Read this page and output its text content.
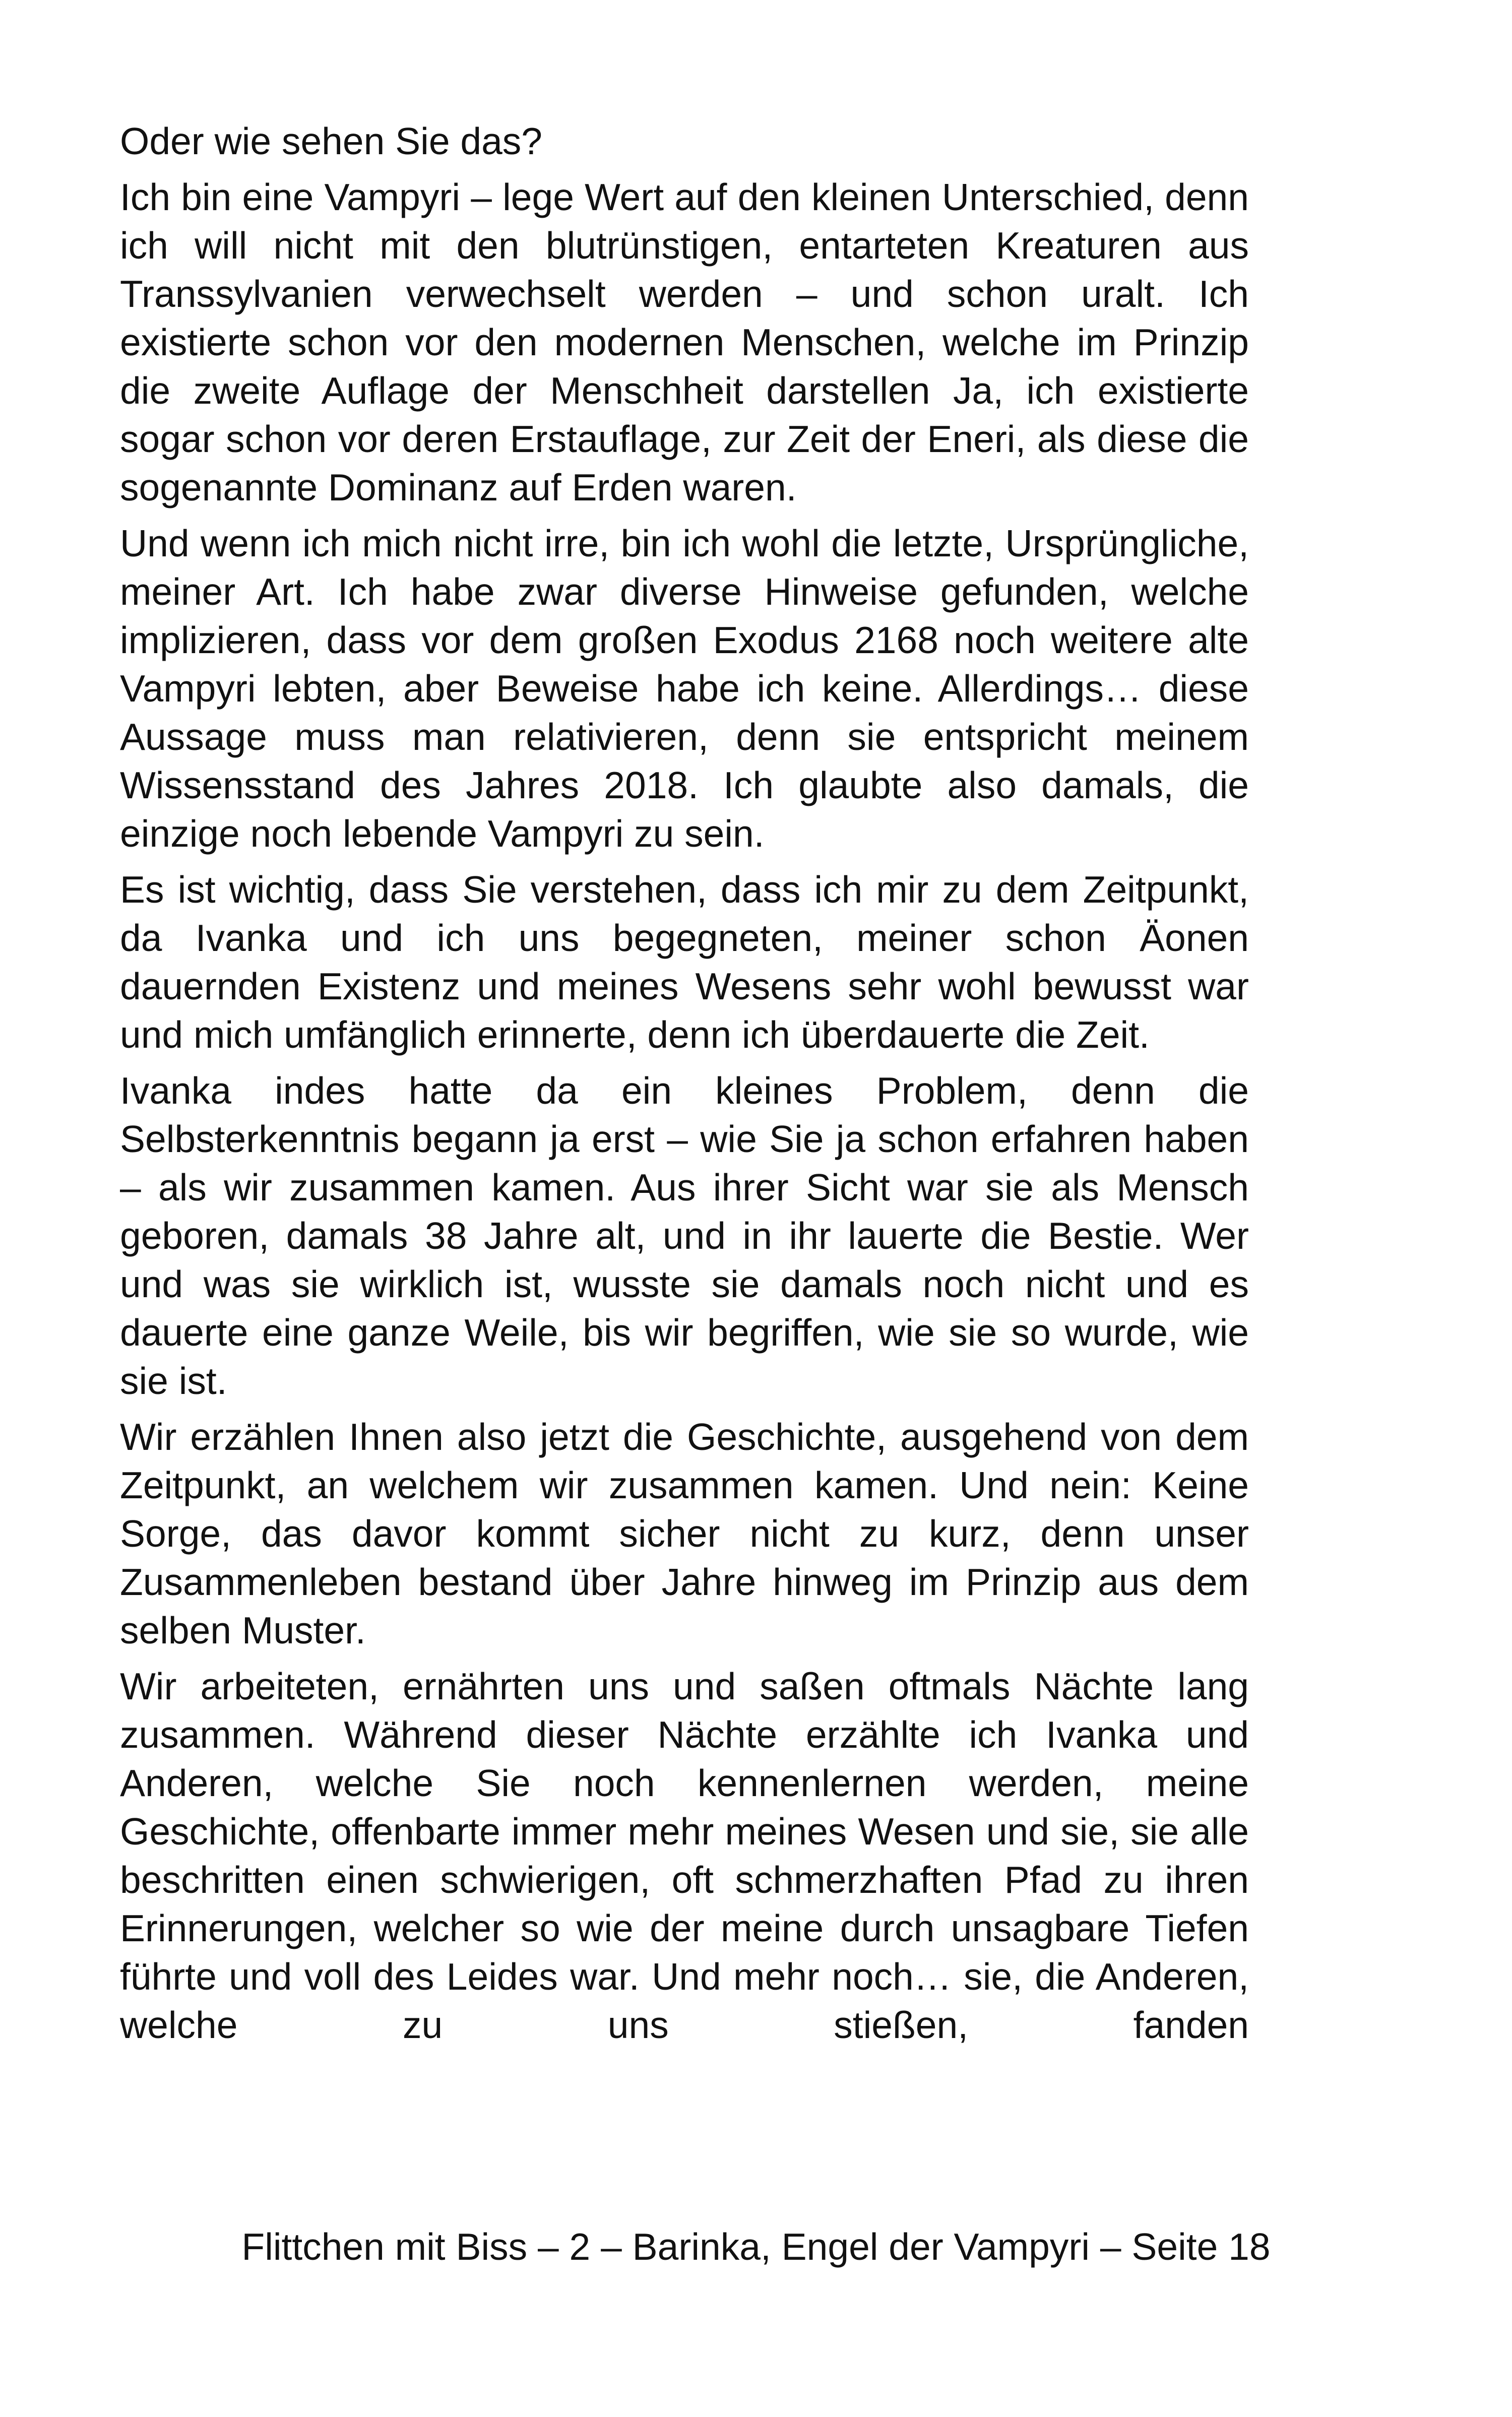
Oder wie sehen Sie das?

Ich bin eine Vampyri – lege Wert auf den kleinen Unterschied, denn ich will nicht mit den blutrünstigen, entarteten Kreaturen aus Transsylvanien verwechselt werden – und schon uralt. Ich existierte schon vor den modernen Menschen, welche im Prinzip die zweite Auflage der Menschheit darstellen Ja, ich existierte sogar schon vor deren Erstauflage, zur Zeit der Eneri, als diese die sogenannte Dominanz auf Erden waren.

Und wenn ich mich nicht irre, bin ich wohl die letzte, Ursprüngliche, meiner Art. Ich habe zwar diverse Hinweise gefunden, welche implizieren, dass vor dem großen Exodus 2168 noch weitere alte Vampyri lebten, aber Beweise habe ich keine. Allerdings… diese Aussage muss man relativieren, denn sie entspricht meinem Wissensstand des Jahres 2018. Ich glaubte also damals, die einzige noch lebende Vampyri zu sein.

Es ist wichtig, dass Sie verstehen, dass ich mir zu dem Zeitpunkt, da Ivanka und ich uns begegneten, meiner schon Äonen dauernden Existenz und meines Wesens sehr wohl bewusst war und mich umfänglich erinnerte, denn ich überdauerte die Zeit.

Ivanka indes hatte da ein kleines Problem, denn die Selbsterkenntnis begann ja erst – wie Sie ja schon erfahren haben – als wir zusammen kamen. Aus ihrer Sicht war sie als Mensch geboren, damals 38 Jahre alt, und in ihr lauerte die Bestie. Wer und was sie wirklich ist, wusste sie damals noch nicht und es dauerte eine ganze Weile, bis wir begriffen, wie sie so wurde, wie sie ist.

Wir erzählen Ihnen also jetzt die Geschichte, ausgehend von dem Zeitpunkt, an welchem wir zusammen kamen. Und nein: Keine Sorge, das davor kommt sicher nicht zu kurz, denn unser Zusammenleben bestand über Jahre hinweg im Prinzip aus dem selben Muster.

Wir arbeiteten, ernährten uns und saßen oftmals Nächte lang zusammen. Während dieser Nächte erzählte ich Ivanka und Anderen, welche Sie noch kennenlernen werden, meine Geschichte, offenbarte immer mehr meines Wesen und sie, sie alle beschritten einen schwierigen, oft schmerzhaften Pfad zu ihren Erinnerungen, welcher so wie der meine durch unsagbare Tiefen führte und voll des Leides war. Und mehr noch… sie, die Anderen, welche zu uns stießen, fanden

Flittchen mit Biss – 2 – Barinka, Engel der Vampyri – Seite 18
